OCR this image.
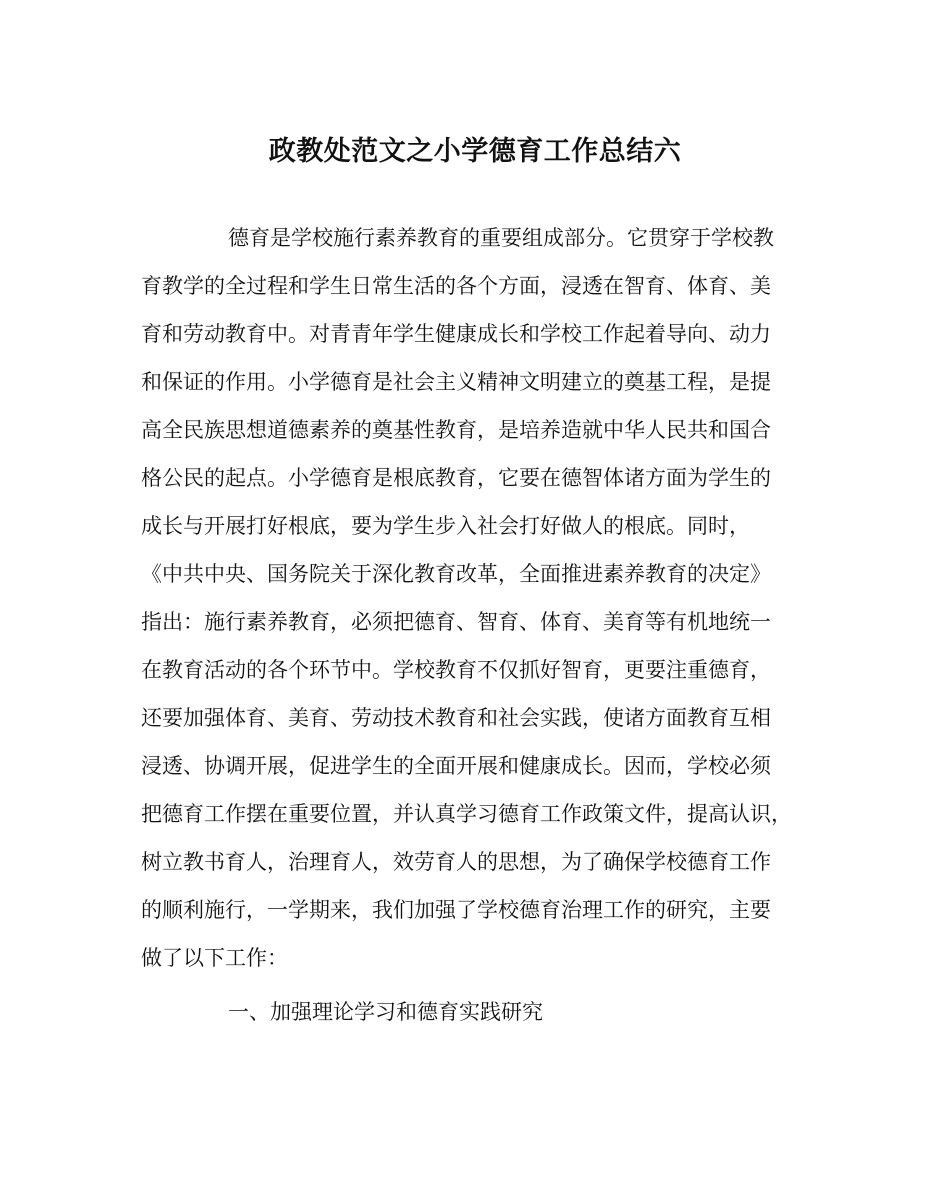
政教处范文之小学德育工作总结六

德育是学校施行素养教育的重要组成部分。它贯穿于学校教

育教学的全过程和学生日常生活的各个方面，浸透在智育、体育、美

育和劳动教育中。对青青年学生健康成长和学校工作起着导向、动力

和保证的作用。小学德育是社会主义精神文明建立的奠基工程，是提

高全民族思想道德素养的奠基性教育，是培养造就中华人民共和国合

格公民的起点。小学德育是根底教育，它要在德智体诸方面为学生的

成长与开展打好根底，要为学生步入社会打好做人的根底。同时，

《中共中央、国务院关于深化教育改革，全面推进素养教育的决定》

指出：施行素养教育，必须把德育、智育、体育、美育等有机地统一

在教育活动的各个环节中。学校教育不仅抓好智育，更要注重德育，

还要加强体育、美育、劳动技术教育和社会实践，使诸方面教育互相

浸透、协调开展，促进学生的全面开展和健康成长。因而，学校必须

把德育工作摆在重要位置，并认真学习德育工作政策文件，提高认识，

树立教书育人，治理育人，效劳育人的思想，为了确保学校德育工作

的顺利施行，一学期来，我们加强了学校德育治理工作的研究，主要

做了以下工作：

一、加强理论学习和德育实践研究
